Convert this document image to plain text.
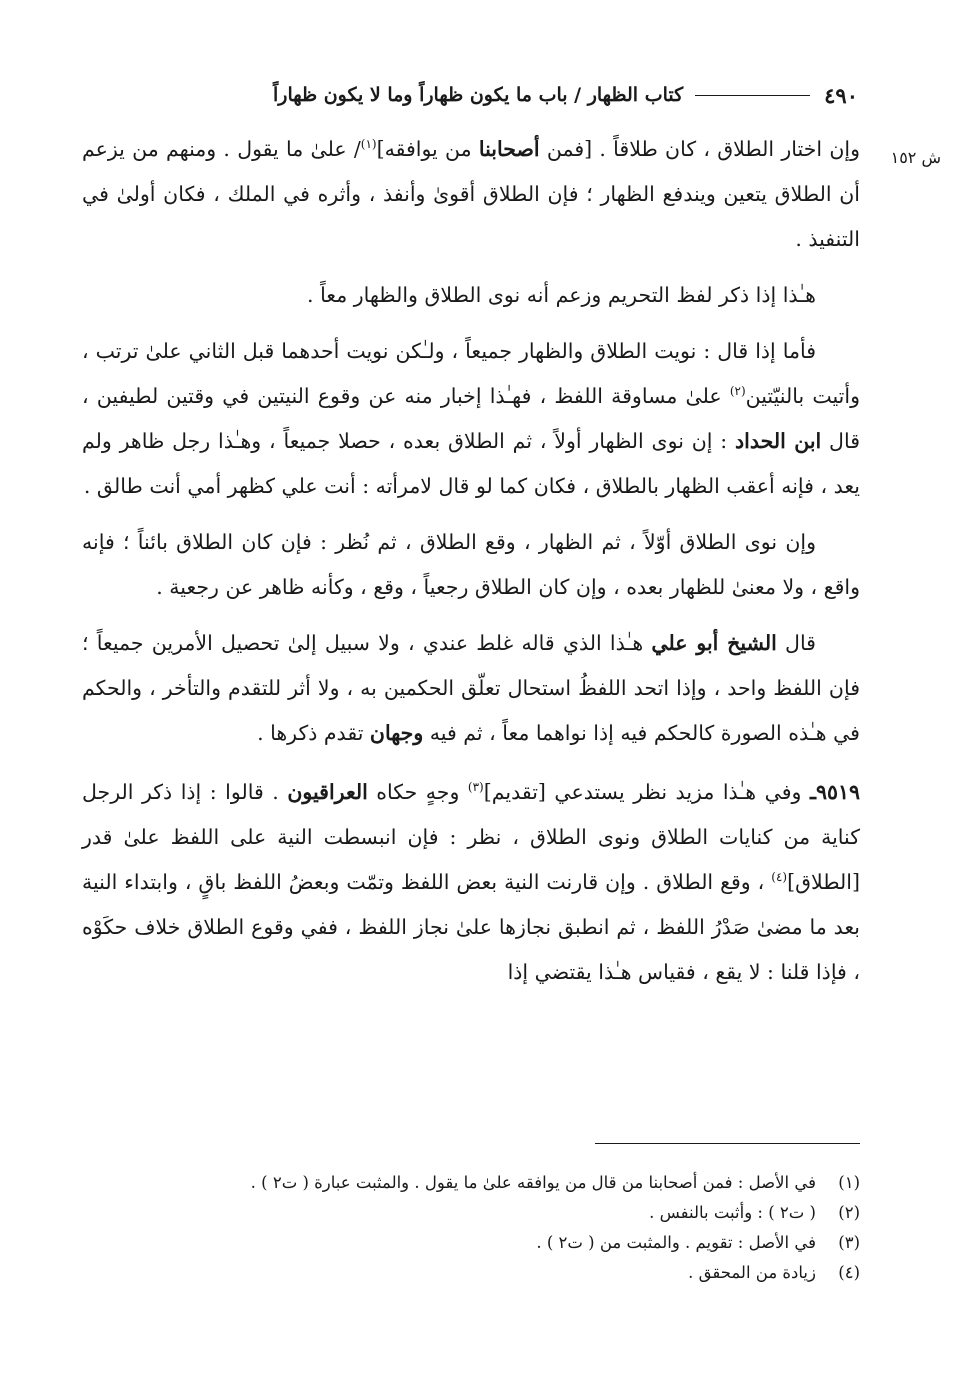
٤٩٠
كتاب الظهار / باب ما يكون ظهاراً وما لا يكون ظهاراً
ش ١٥٢

وإن اختار الطلاق ، كان طلاقاً . [فمن أصحابنا من يوافقه]$^{(١)}$/ علىٰ ما يقول . ومنهم من يزعم أن الطلاق يتعين ويندفع الظهار ؛ فإن الطلاق أقوىٰ وأنفذ ، وأثره في الملك ، فكان أولىٰ في التنفيذ .

هـٰذا إذا ذكر لفظ التحريم وزعم أنه نوى الطلاق والظهار معاً .

فأما إذا قال : نويت الطلاق والظهار جميعاً ، ولـٰكن نويت أحدهما قبل الثاني علىٰ ترتب ، وأتيت بالنيّتين$^{(٢)}$ علىٰ مساوقة اللفظ ، فهـٰذا إخبار منه عن وقوع النيتين في وقتين لطيفين ، قال ابن الحداد : إن نوى الظهار أولاً ، ثم الطلاق بعده ، حصلا جميعاً ، وهـٰذا رجل ظاهر ولم يعد ، فإنه أعقب الظهار بالطلاق ، فكان كما لو قال لامرأته : أنت علي كظهر أمي أنت طالق .

وإن نوى الطلاق أوّلاً ، ثم الظهار ، وقع الطلاق ، ثم نُظر : فإن كان الطلاق بائناً ؛ فإنه واقع ، ولا معنىٰ للظهار بعده ، وإن كان الطلاق رجعياً ، وقع ، وكأنه ظاهر عن رجعية .

قال الشيخ أبو علي هـٰذا الذي قاله غلط عندي ، ولا سبيل إلىٰ تحصيل الأمرين جميعاً ؛ فإن اللفظ واحد ، وإذا اتحد اللفظُ استحال تعلّق الحكمين به ، ولا أثر للتقدم والتأخر ، والحكم في هـٰذه الصورة كالحكم فيه إذا نواهما معاً ، ثم فيه وجهان تقدم ذكرها .

٩٥١٩ـ وفي هـٰذا مزيد نظر يستدعي [تقديم]$^{(٣)}$ وجهٍ حكاه العراقيون . قالوا : إذا ذكر الرجل كناية من كنايات الطلاق ونوى الطلاق ، نظر : فإن انبسطت النية على اللفظ علىٰ قدر [الطلاق]$^{(٤)}$ ، وقع الطلاق . وإن قارنت النية بعض اللفظ وتمّت وبعضُ اللفظ باقٍ ، وابتداء النية بعد ما مضىٰ صَدْرُ اللفظ ، ثم انطبق نجازها علىٰ نجاز اللفظ ، ففي وقوع الطلاق خلاف حكَوْه ، فإذا قلنا : لا يقع ، فقياس هـٰذا يقتضي إذا

(١)
في الأصل : فمن أصحابنا من قال من يوافقه علىٰ ما يقول . والمثبت عبارة ( ت٢ ) .
(٢)
( ت٢ ) : وأثبت بالنفس .
(٣)
في الأصل : تقويم . والمثبت من ( ت٢ ) .
(٤)
زيادة من المحقق .
